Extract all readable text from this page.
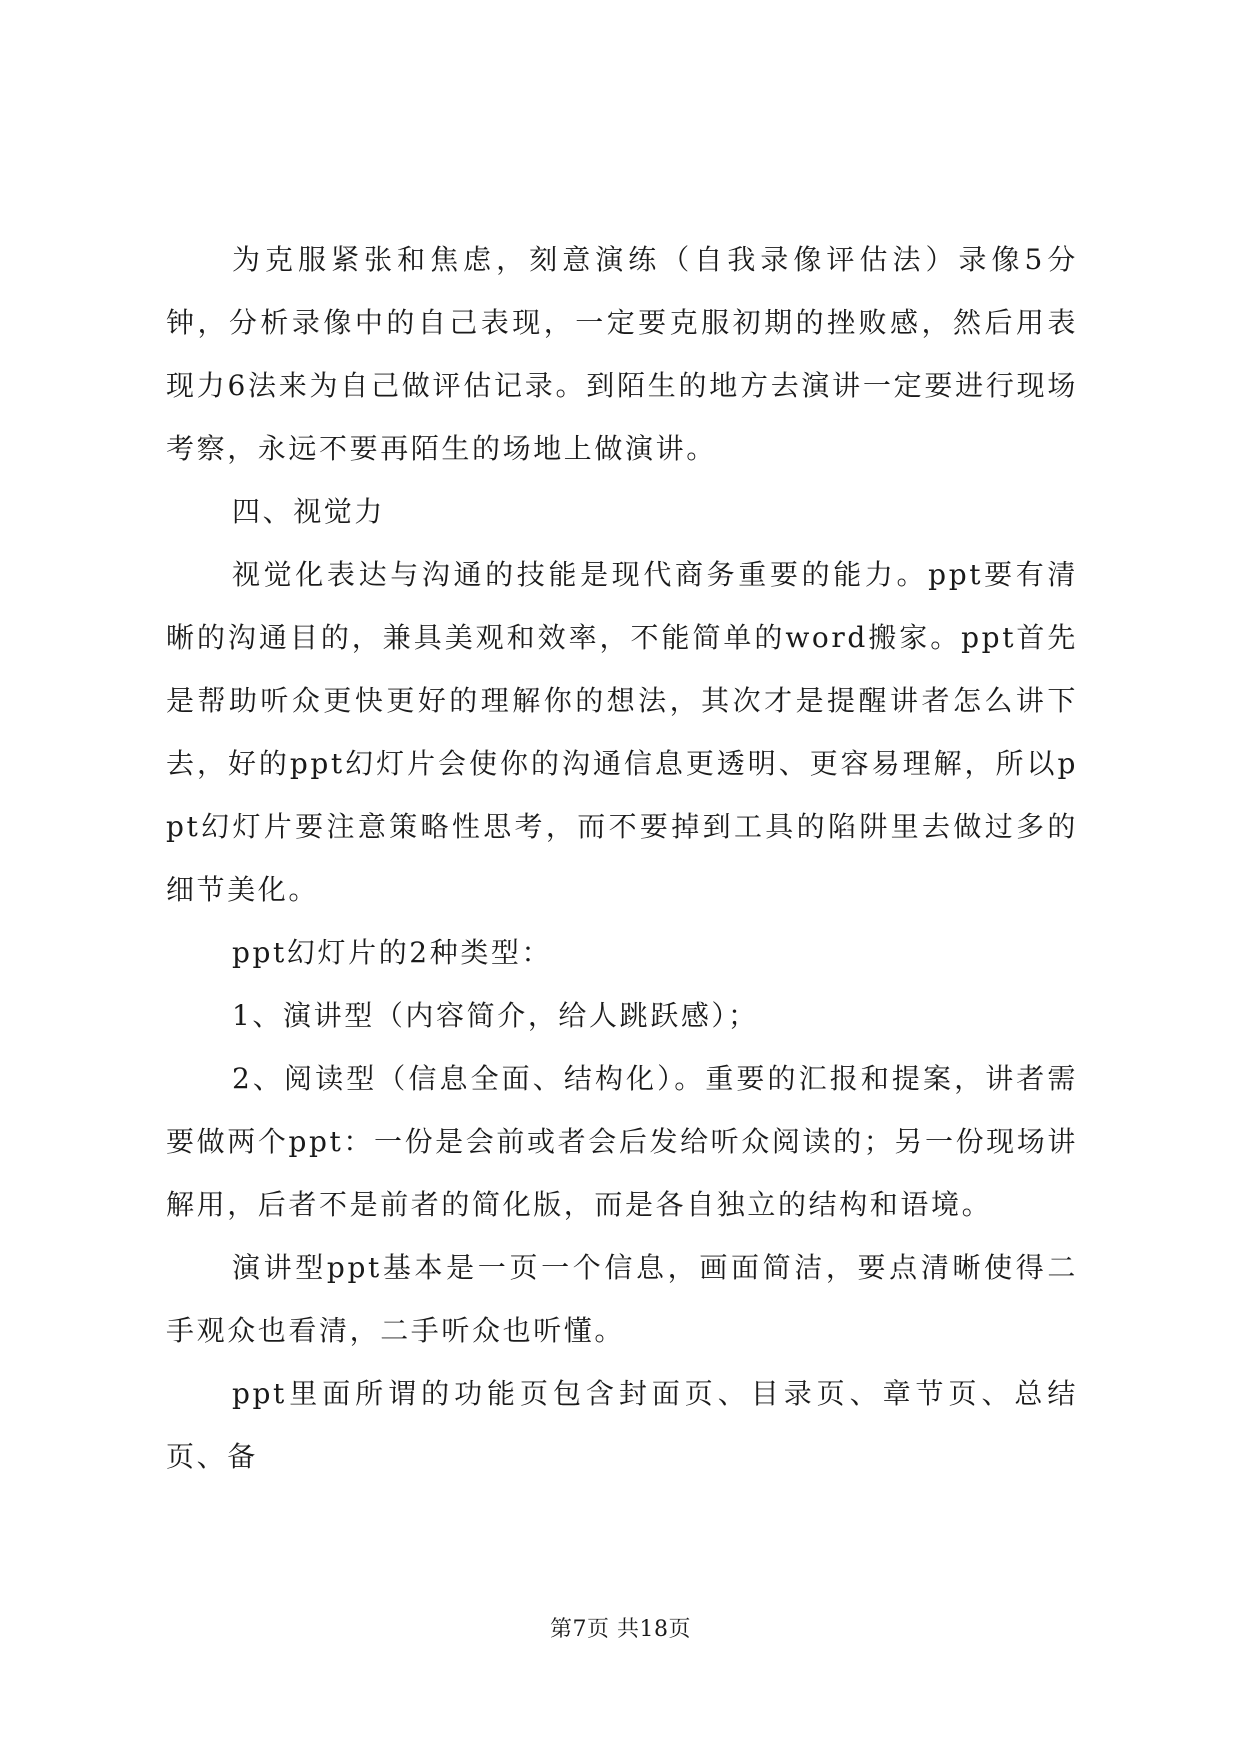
为克服紧张和焦虑，刻意演练（自我录像评估法）录像5分钟，分析录像中的自己表现，一定要克服初期的挫败感，然后用表现力6法来为自己做评估记录。到陌生的地方去演讲一定要进行现场考察，永远不要再陌生的场地上做演讲。

四、视觉力

视觉化表达与沟通的技能是现代商务重要的能力。ppt要有清晰的沟通目的，兼具美观和效率，不能简单的word搬家。ppt首先是帮助听众更快更好的理解你的想法，其次才是提醒讲者怎么讲下去，好的ppt幻灯片会使你的沟通信息更透明、更容易理解，所以ppt幻灯片要注意策略性思考，而不要掉到工具的陷阱里去做过多的细节美化。

ppt幻灯片的2种类型：

1、演讲型（内容简介，给人跳跃感）；

2、阅读型（信息全面、结构化）。重要的汇报和提案，讲者需要做两个ppt：一份是会前或者会后发给听众阅读的；另一份现场讲解用，后者不是前者的简化版，而是各自独立的结构和语境。

演讲型ppt基本是一页一个信息，画面简洁，要点清晰使得二手观众也看清，二手听众也听懂。

ppt里面所谓的功能页包含封面页、目录页、章节页、总结页、备

第7页 共18页
